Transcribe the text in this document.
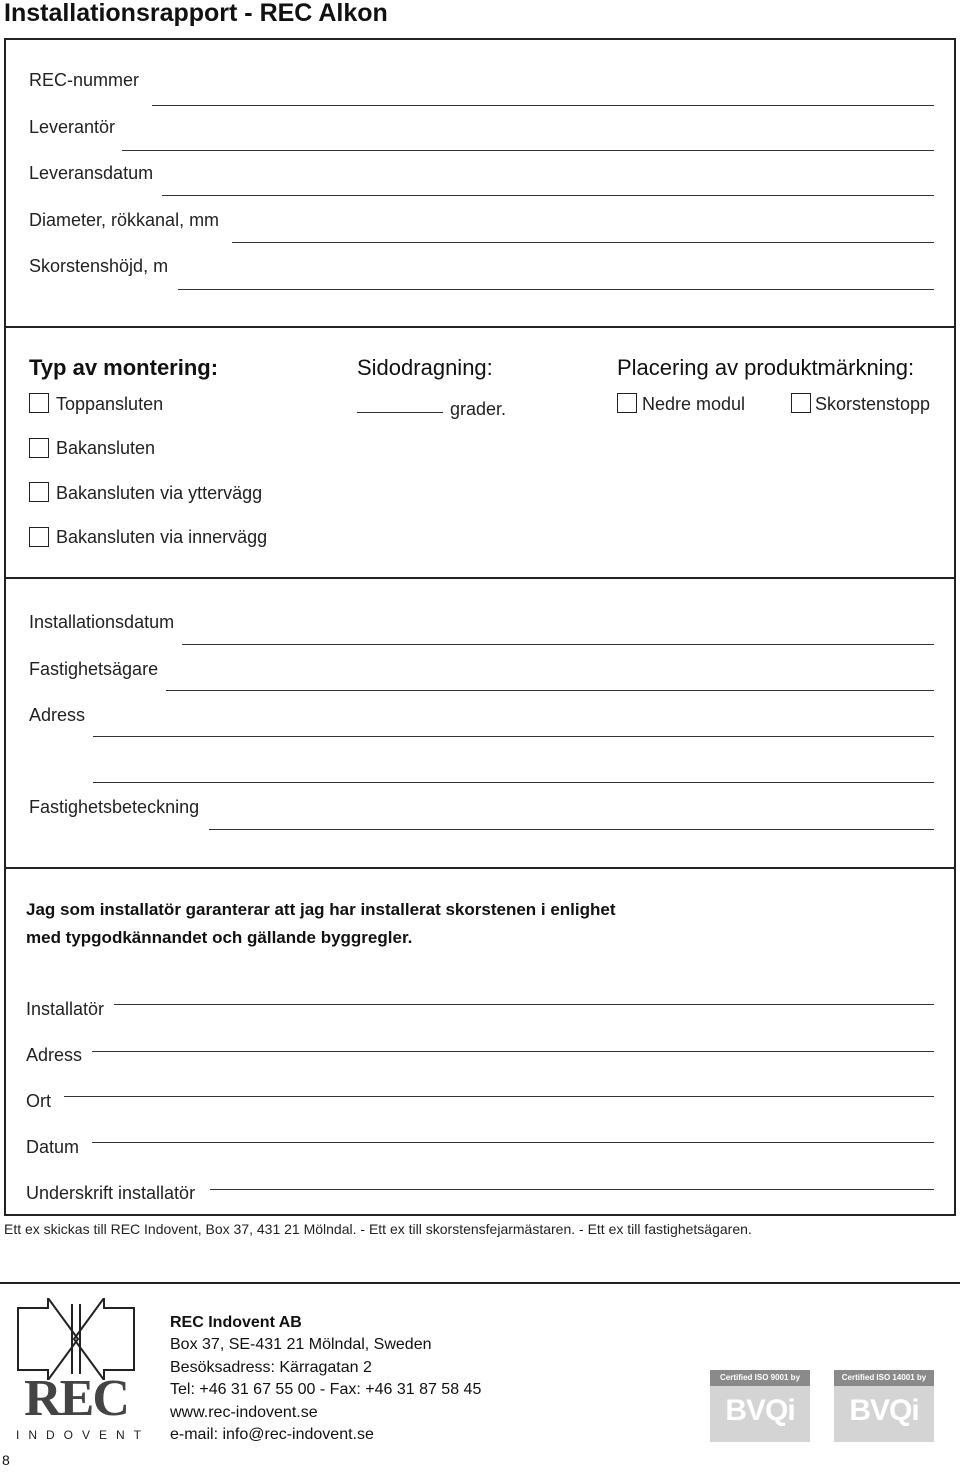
Installationsrapport - REC Alkon
REC-nummer
Leverantör
Leveransdatum
Diameter, rökkanal, mm
Skorstenshöjd, m
Typ av montering:	Sidodragning:	Placering av produktmärkning:
Toppansluten	grader.	Nedre modul	Skorstenstopp
Bakansluten
Bakansluten via yttervägg
Bakansluten via innervägg
Installationsdatum
Fastighetsägare
Adress
Fastighetsbeteckning
Installatör
Adress
Ort
Datum
Underskrift installatör
Jag som installatör garanterar att jag har installerat skorstenen i enlighet
med typgodkännandet och gällande byggregler.
Ett ex skickas till REC Indovent, Box 37, 431 21 Mölndal. - Ett ex till skorstensfejarmästaren. - Ett ex till fastighetsägaren.
REC
INDOVENT
REC Indovent AB
Box 37, SE-431 21 Mölndal, Sweden
Besöksadress: Kärragatan 2
Tel: +46 31 67 55 00 - Fax: +46 31 87 58 45
www.rec-indovent.se
e-mail: info@rec-indovent.se
Certified ISO 9001 by
BVQi
Certified ISO 14001 by
BVQi
8
